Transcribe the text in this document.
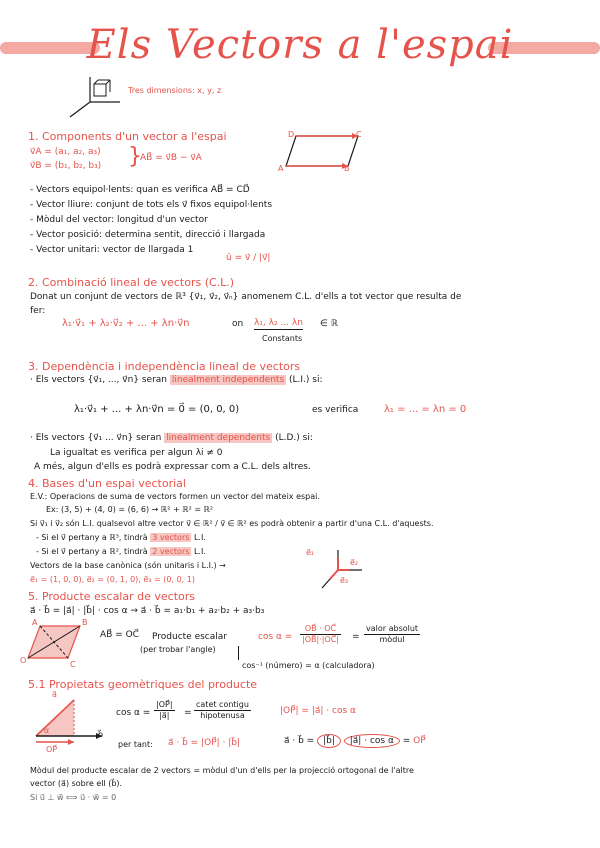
Els Vectors a l'espai
Tres dimensions: x, y, z
1. Components d'un vector a l'espai
v⃗A = (a₁, a₂, a₃)
v⃗B = (b₁, b₂, b₃) }
AB⃗ = v⃗B − v⃗A
D	C
A	B
- Vectors equipol·lents: quan es verifica AB⃗ = CD⃗
- Vector lliure: conjunt de tots els v⃗ fixos equipol·lents
- Mòdul del vector: longitud d'un vector
- Vector posició: determina sentit, direcció i llargada
- Vector unitari: vector de llargada 1
û = v⃗ / |v⃗|
2. Combinació lineal de vectors (C.L.)
Donat un conjunt de vectors de ℝ³ {v⃗₁, v⃗₂, v⃗ₙ} anomenem C.L. d'ells a tot vector que resulta de
fer:
λ₁·v⃗₁ + λ₂·v⃗₂ + ... + λn·v⃗n	on λ₁, λ₂ ... λn ∈ ℝ
Constants
3. Dependència i independència lineal de vectors
· Els vectors {v⃗₁, ..., v⃗n} seran linealment independents (L.I.) si:
λ₁·v⃗₁ + ... + λn·v⃗n = 0⃗ = (0, 0, 0)	es verifica	λ₁ = ... = λn = 0
· Els vectors {v⃗₁ ... v⃗n} seran linealment dependents (L.D.) si:
La igualtat es verifica per algun λi ≠ 0
A més, algun d'ells es podrà expressar com a C.L. dels altres.
4. Bases d'un espai vectorial
E.V.: Operacions de suma de vectors formen un vector del mateix espai.
Ex: (3, 5) + (4, 0) = (6, 6) → ℝ² + ℝ² = ℝ²
Si v⃗₁ i v⃗₂ són L.I. qualsevol altre vector v⃗ ∈ ℝ² / v⃗ ∈ ℝ² es podrà obtenir a partir d'una C.L. d'aquests.
- Si el v⃗ pertany a ℝ³, tindrà 3 vectors L.I.
- Si el v⃗ pertany a ℝ², tindrà 2 vectors L.I.
Vectors de la base canònica (són unitaris i L.I.) →
e⃗₁ = (1, 0, 0), e⃗₂ = (0, 1, 0), e⃗₃ = (0, 0, 1)
e⃗₁
e⃗₂
e⃗₃
5. Producte escalar de vectors
a⃗ · b⃗ = |a⃗| · |b⃗| · cos α → a⃗ · b⃗ = a₁·b₁ + a₂·b₂ + a₃·b₃
A	B
O	C
AB⃗ = OC⃗ Producte escalar
(per trobar l'angle)
$\cos \alpha = \frac{OB⃗ \cdot OC⃗}{|OB⃗|\cdot|OC⃗|}$ =
valor absolut
mòdul
cos⁻¹ (número) = α (calculadora)
5.1 Propietats geomètriques del producte
a⃗
α	b⃗
OP⃗
$\cos \alpha = \frac{|OP⃗|}{|a⃗|}$ =
catet contigu
hipotenusa	|OP⃗| = |a⃗| · cos α
per tant: a⃗ · b⃗ = |OP⃗| · |b⃗|	a⃗ · b⃗ = |b⃗| |a⃗| · cos α = OP⃗
Mòdul del producte escalar de 2 vectors = mòdul d'un d'ells per la projecció ortogonal de l'altre
vector (a⃗) sobre ell (b⃗).
Si u⃗ ⊥ w⃗ ⟺ u⃗ · w⃗ = 0
